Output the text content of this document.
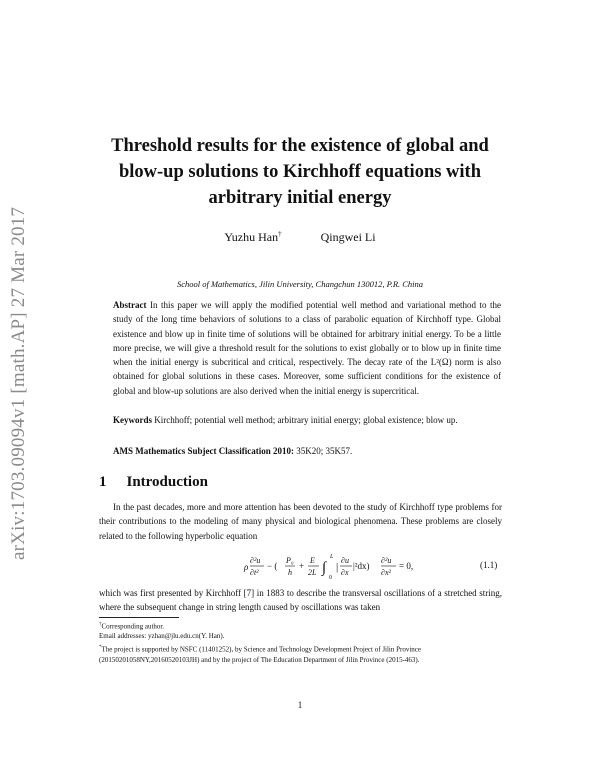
arXiv:1703.09094v1 [math.AP] 27 Mar 2017
Threshold results for the existence of global and
blow-up solutions to Kirchhoff equations with
arbitrary initial energy
Yuzhu Han†	Qingwei Li
School of Mathematics, Jilin University, Changchun 130012, P.R. China
Abstract In this paper we will apply the modified potential well method and variational method to the study of the long time behaviors of solutions to a class of parabolic equation of Kirchhoff type. Global existence and blow up in finite time of solutions will be obtained for arbitrary initial energy. To be a little more precise, we will give a threshold result for the solutions to exist globally or to blow up in finite time when the initial energy is subcritical and critical, respectively. The decay rate of the L²(Ω) norm is also obtained for global solutions in these cases. Moreover, some sufficient conditions for the existence of global and blow-up solutions are also derived when the initial energy is supercritical.
Keywords Kirchhoff; potential well method; arbitrary initial energy; global existence; blow up.
AMS Mathematics Subject Classification 2010: 35K20; 35K57.
1 Introduction

In the past decades, more and more attention has been devoted to the study of Kirchhoff type problems for their contributions to the modeling of many physical and biological phenomena. These problems are closely related to the following hyperbolic equation

ρ
∂²u
∂t²
− (
P₀
h
+
E
2L ∫
L
0
|
∂u
∂x
|²dx)
∂²u
∂x²
= 0,	(1.1)
which was first presented by Kirchhoff [7] in 1883 to describe the transversal oscillations of a stretched string, where the subsequent change in string length caused by oscillations was taken
†Corresponding author.
Email addresses: yzhan@jlu.edu.cn(Y. Han).
*The project is supported by NSFC (11401252), by Science and Technology Development Project of Jilin Province (20150201058NY,20160520103JH) and by the project of The Education Department of Jilin Province (2015-463).
1
